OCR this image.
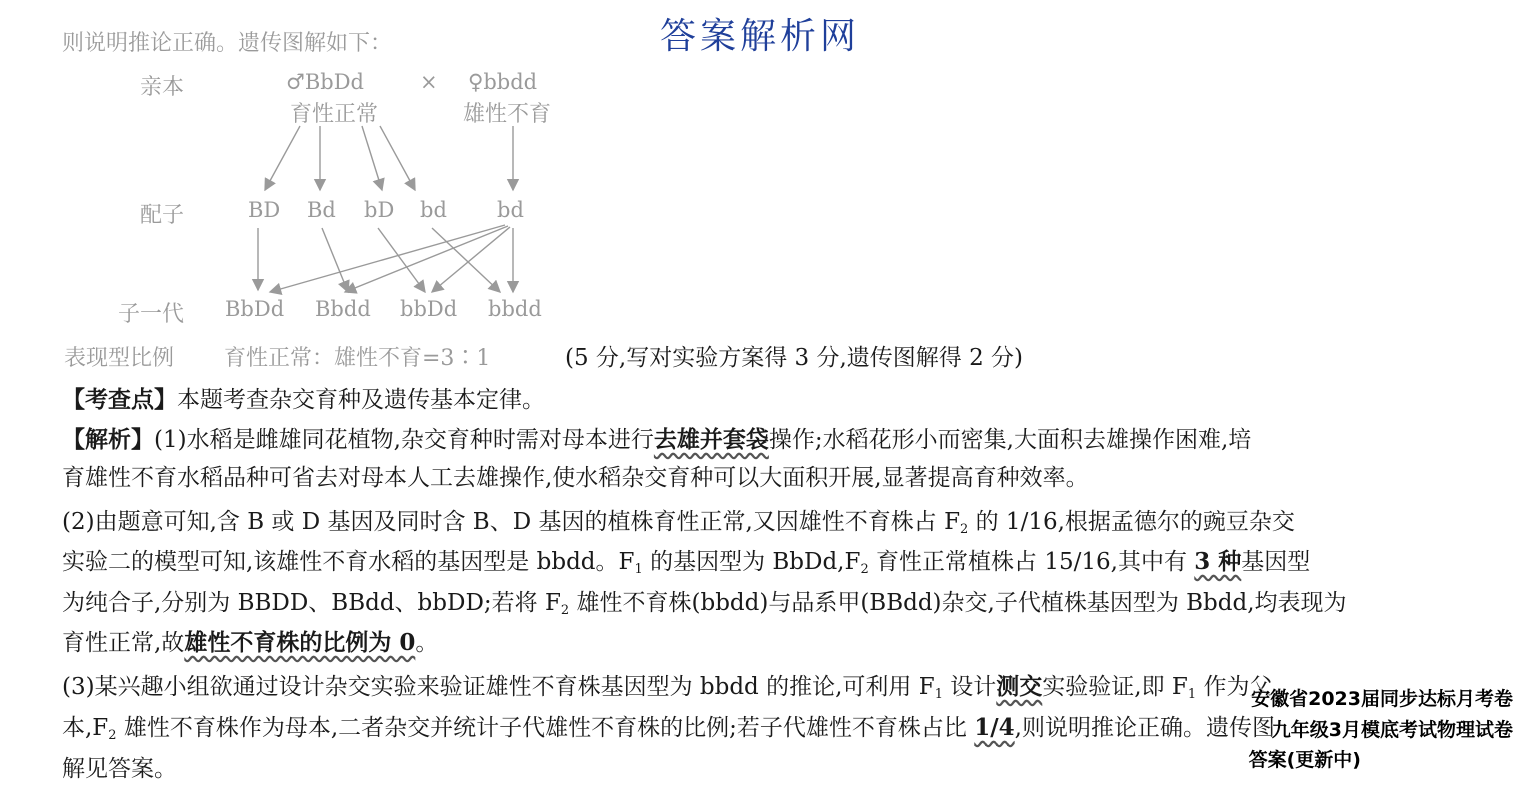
答案解析网
则说明推论正确。遗传图解如下：
亲本	♂BbDd	× ♀bbdd
育性正常	雄性不育
配子	BD Bd bD bd bd
子一代 BbDd Bbdd bbDd bbdd
表现型比例 育性正常：雄性不育=3∶1	(5 分,写对实验方案得 3 分,遗传图解得 2 分)
【考查点】本题考查杂交育种及遗传基本定律。
【解析】(1)水稻是雌雄同花植物,杂交育种时需对母本进行去雄并套袋操作;水稻花形小而密集,大面积去雄操作困难,培
育雄性不育水稻品种可省去对母本人工去雄操作,使水稻杂交育种可以大面积开展,显著提高育种效率。
(2)由题意可知,含 B 或 D 基因及同时含 B、D 基因的植株育性正常,又因雄性不育株占 $F_2$ 的 1/16,根据孟德尔的豌豆杂交
实验二的模型可知,该雄性不育水稻的基因型是 bbdd。$F_1$ 的基因型为 $BbDd,F_2$ 育性正常植株占 15/16,其中有 3 种基因型
为纯合子,分别为 BBDD、BBdd、bbDD;若将 $F_2$ 雄性不育株(bbdd)与品系甲(BBdd)杂交,子代植株基因型为 Bbdd,均表现为
育性正常,故雄性不育株的比例为 0。
(3)某兴趣小组欲通过设计杂交实验来验证雄性不育株基因型为 bbdd 的推论,可利用 $F_1$ 设计测交实验验证,即 $F_1$ 作为父
本$,F_2$ 雄性不育株作为母本,二者杂交并统计子代雄性不育株的比例;若子代雄性不育株占比 1/4,则说明推论正确。遗传图
解见答案。
安徽省2023届同步达标月考卷
九年级3月模底考试物理试卷
答案(更新中)
